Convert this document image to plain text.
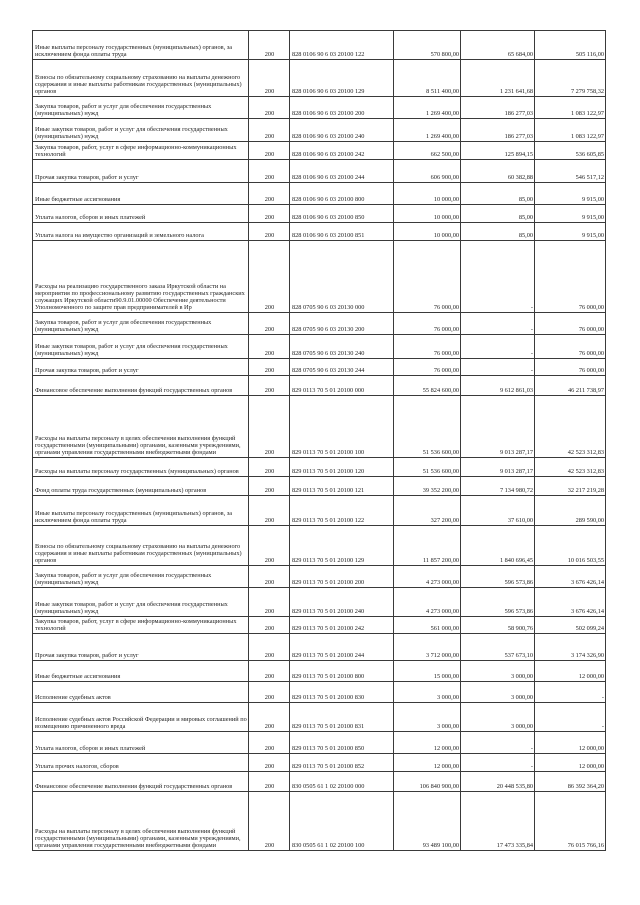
Иные выплаты персоналу государственных (муниципальных) органов, за исключением фонда оплаты труда	200	828 0106 90 6 03 20100 122	570 800,00	65 684,00	505 116,00

Взносы по обязательному социальному страхованию на выплаты денежного содержания и иные выплаты работникам государственных (муниципальных) органов	200	828 0106 90 6 03 20100 129	8 511 400,00	1 231 641,68	7 279 758,32

Закупка товаров, работ и услуг для обеспечения государственных (муниципальных) нужд	200	828 0106 90 6 03 20100 200	1 269 400,00	186 277,03	1 083 122,97

Иные закупки товаров, работ и услуг для обеспечения государственных (муниципальных) нужд	200	828 0106 90 6 03 20100 240	1 269 400,00	186 277,03	1 083 122,97

Закупка товаров, работ, услуг в сфере информационно-коммуникационных технологий	200	828 0106 90 6 03 20100 242	662 500,00	125 894,15	536 605,85

Прочая закупка товаров, работ и услуг	200	828 0106 90 6 03 20100 244	606 900,00	60 382,88	546 517,12

Иные бюджетные ассигнования	200	828 0106 90 6 03 20100 800	10 000,00	85,00	9 915,00

Уплата налогов, сборов и иных платежей	200	828 0106 90 6 03 20100 850	10 000,00	85,00	9 915,00

Уплата налога на имущество организаций и земельного налога	200	828 0106 90 6 03 20100 851	10 000,00	85,00	9 915,00

Расходы на реализацию государственного заказа Иркутской области на мероприятия по профессиональному развитию государственных гражданских служащих Иркутской области90.9.01.00000 Обеспечение деятельности Уполномоченного по защите прав предпринимателей в Ир	200	828 0705 90 6 03 20130 000	76 000,00	-	76 000,00

Закупка товаров, работ и услуг для обеспечения государственных (муниципальных) нужд	200	828 0705 90 6 03 20130 200	76 000,00	-	76 000,00

Иные закупки товаров, работ и услуг для обеспечения государственных (муниципальных) нужд	200	828 0705 90 6 03 20130 240	76 000,00	-	76 000,00

Прочая закупка товаров, работ и услуг	200	828 0705 90 6 03 20130 244	76 000,00	-	76 000,00

Финансовое обеспечение выполнения функций государственных органов	200	829 0113 70 5 01 20100 000	55 824 600,00	9 612 861,03	46 211 738,97

Расходы на выплаты персоналу в целях обеспечения выполнения функций государственными (муниципальными) органами, казенными учреждениями, органами управления государственными внебюджетными фондами	200	829 0113 70 5 01 20100 100	51 536 600,00	9 013 287,17	42 523 312,83

Расходы на выплаты персоналу государственных (муниципальных) органов	200	829 0113 70 5 01 20100 120	51 536 600,00	9 013 287,17	42 523 312,83

Фонд оплаты труда государственных (муниципальных) органов	200	829 0113 70 5 01 20100 121	39 352 200,00	7 134 980,72	32 217 219,28

Иные выплаты персоналу государственных (муниципальных) органов, за исключением фонда оплаты труда	200	829 0113 70 5 01 20100 122	327 200,00	37 610,00	289 590,00

Взносы по обязательному социальному страхованию на выплаты денежного содержания и иные выплаты работникам государственных (муниципальных) органов	200	829 0113 70 5 01 20100 129	11 857 200,00	1 840 696,45	10 016 503,55

Закупка товаров, работ и услуг для обеспечения государственных (муниципальных) нужд	200	829 0113 70 5 01 20100 200	4 273 000,00	596 573,86	3 676 426,14

Иные закупки товаров, работ и услуг для обеспечения государственных (муниципальных) нужд	200	829 0113 70 5 01 20100 240	4 273 000,00	596 573,86	3 676 426,14

Закупка товаров, работ, услуг в сфере информационно-коммуникационных технологий	200	829 0113 70 5 01 20100 242	561 000,00	58 900,76	502 099,24

Прочая закупка товаров, работ и услуг	200	829 0113 70 5 01 20100 244	3 712 000,00	537 673,10	3 174 326,90

Иные бюджетные ассигнования	200	829 0113 70 5 01 20100 800	15 000,00	3 000,00	12 000,00

Исполнение судебных актов	200	829 0113 70 5 01 20100 830	3 000,00	3 000,00	-

Исполнение судебных актов Российской Федерации и мировых соглашений по возмещению причиненного вреда	200	829 0113 70 5 01 20100 831	3 000,00	3 000,00	-

Уплата налогов, сборов и иных платежей	200	829 0113 70 5 01 20100 850	12 000,00	-	12 000,00

Уплата прочих налогов, сборов	200	829 0113 70 5 01 20100 852	12 000,00	-	12 000,00

Финансовое обеспечение выполнения функций государственных органов	200	830 0505 61 1 02 20100 000	106 840 900,00	20 448 535,80	86 392 364,20

Расходы на выплаты персоналу в целях обеспечения выполнения функций государственными (муниципальными) органами, казенными учреждениями, органами управления государственными внебюджетными фондами	200	830 0505 61 1 02 20100 100	93 489 100,00	17 473 335,84	76 015 766,16
